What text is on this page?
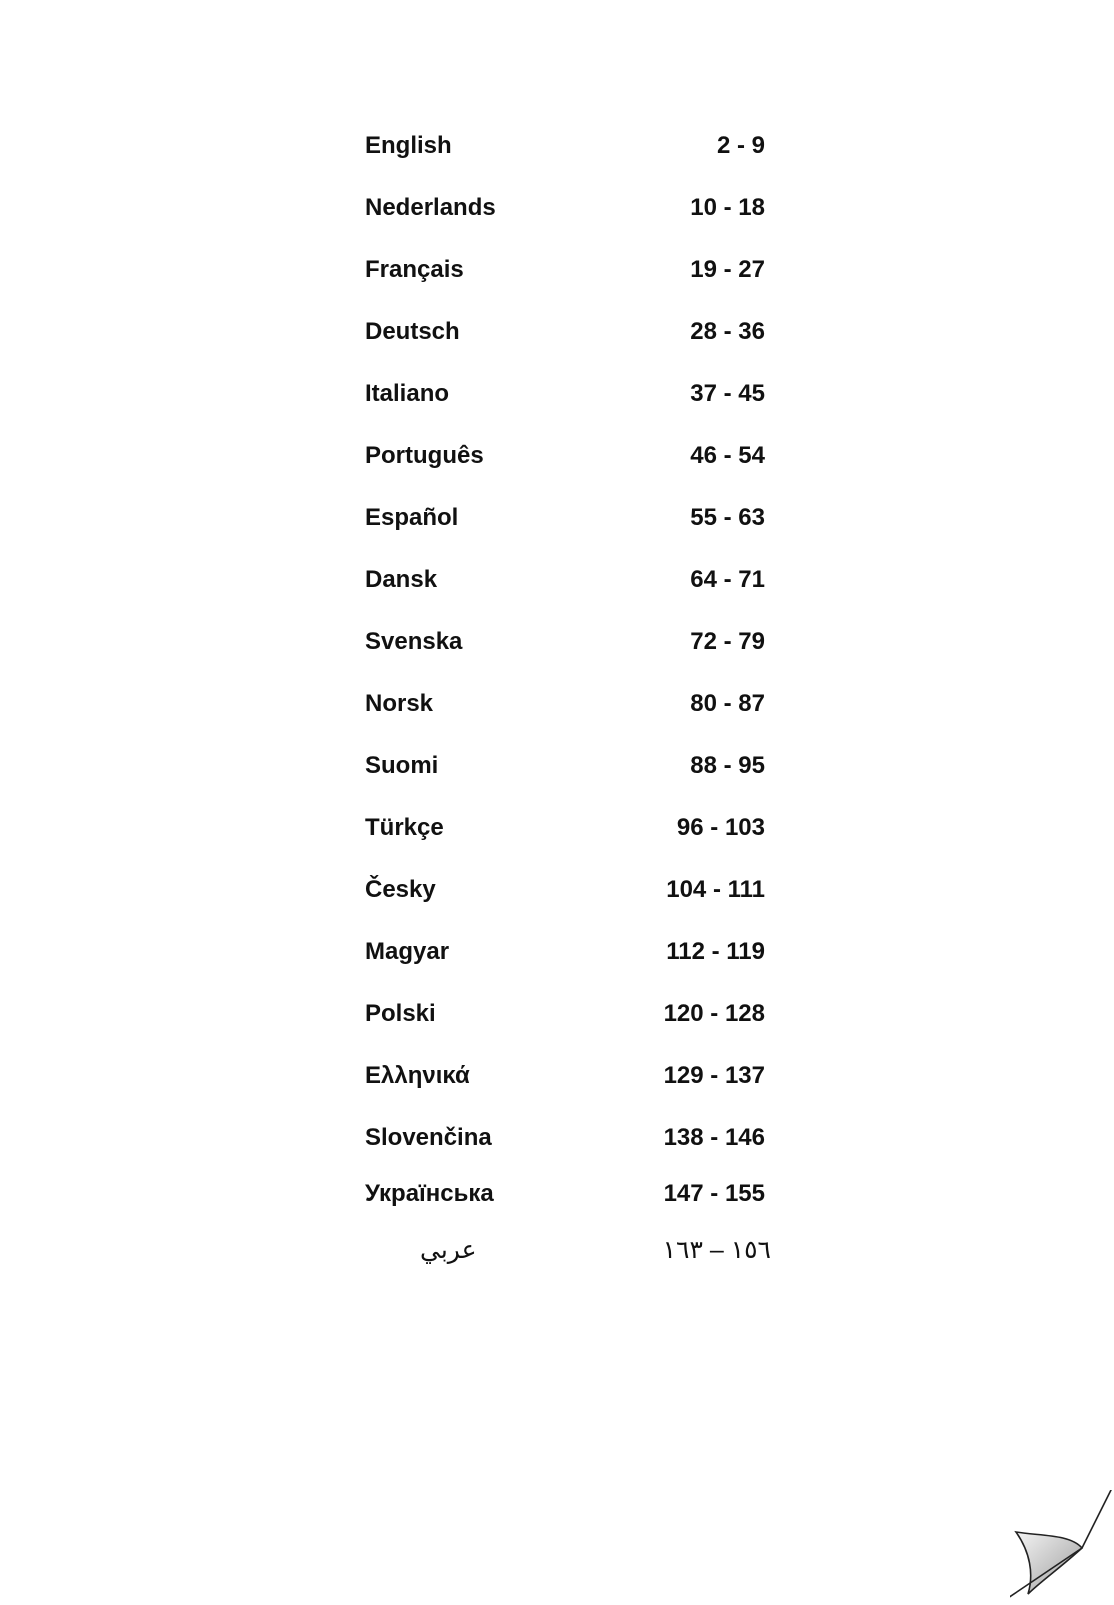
English	2 - 9
Nederlands	10 - 18
Français	19 - 27
Deutsch	28 - 36
Italiano	37 - 45
Português	46 - 54
Español	55 - 63
Dansk	64 - 71
Svenska	72 - 79
Norsk	80 - 87
Suomi	88 - 95
Türkçe	96 - 103
Česky	104 - 111
Magyar	112 - 119
Polski	120 - 128
Ελληνικά	129 - 137
Slovenčina	138 - 146
Українська	147 - 155
عربي	١٥٦ – ١٦٣
